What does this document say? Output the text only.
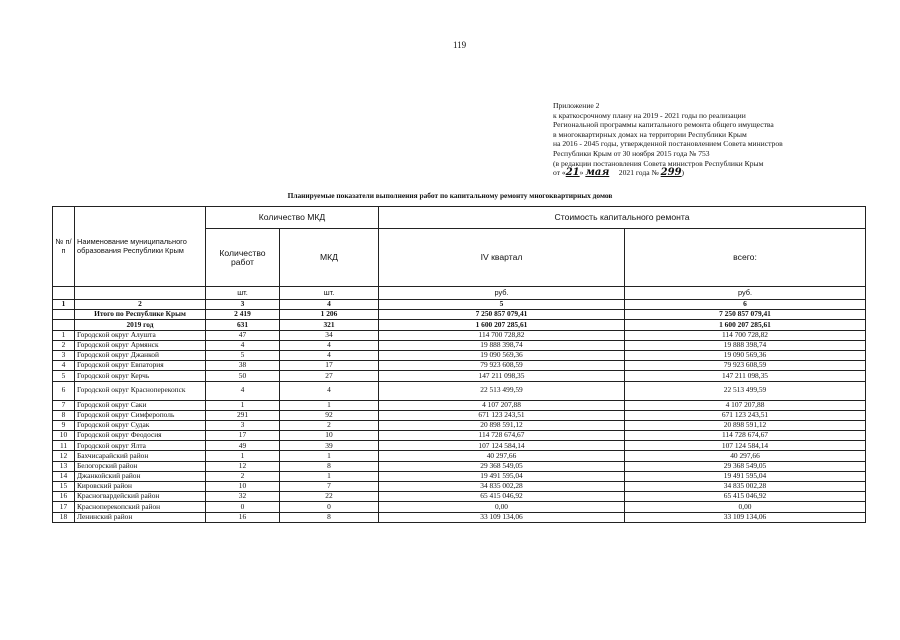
119
Приложение 2
к краткосрочному плану на 2019 - 2021 годы по реализации
Региональной программы капитального ремонта общего имущества
в многоквартирных домах на территории Республики Крым
на 2016 - 2045 годы, утвержденной постановлением Совета министров
Республики Крым от 30 ноября 2015 года № 753
(в редакции постановления Совета министров Республики Крым
от «21» мая 2021 года № 299)
Планируемые показатели выполнения работ по капитальному ремонту многоквартирных домов
№ п/п	Наименование муниципального образования Республики Крым	Количество МКД		Стоимость капитального ремонта	
		Количество работ	МКД	IV квартал	всего:
		шт.	шт.	руб.	руб.
1	2	3	4	5	6
	Итого по Республике Крым	2 419	1 206	7 250 857 079,41	7 250 857 079,41
	2019 год	631	321	1 600 207 285,61	1 600 207 285,61
1	Городской округ Алушта	47	34	114 700 728,82	114 700 728,82
2	Городской округ Армянск	4	4	19 888 398,74	19 888 398,74
3	Городской округ Джанкой	5	4	19 090 569,36	19 090 569,36
4	Городской округ Евпатория	38	17	79 923 608,59	79 923 608,59
5	Городской округ Керчь	50	27	147 211 098,35	147 211 098,35
6	Городской округ Красноперекопск	4	4	22 513 499,59	22 513 499,59
7	Городской округ Саки	1	1	4 107 207,88	4 107 207,88
8	Городской округ Симферополь	291	92	671 123 243,51	671 123 243,51
9	Городской округ Судак	3	2	20 898 591,12	20 898 591,12
10	Городской округ Феодосия	17	10	114 728 674,67	114 728 674,67
11	Городской округ Ялта	49	39	107 124 584,14	107 124 584,14
12	Бахчисарайский район	1	1	40 297,66	40 297,66
13	Белогорский район	12	8	29 368 549,05	29 368 549,05
14	Джанкойский район	2	1	19 491 595,04	19 491 595,04
15	Кировский район	10	7	34 835 002,28	34 835 002,28
16	Красногвардейский район	32	22	65 415 046,92	65 415 046,92
17	Красноперекопский район	0	0	0,00	0,00
18	Ленинский район	16	8	33 109 134,06	33 109 134,06
